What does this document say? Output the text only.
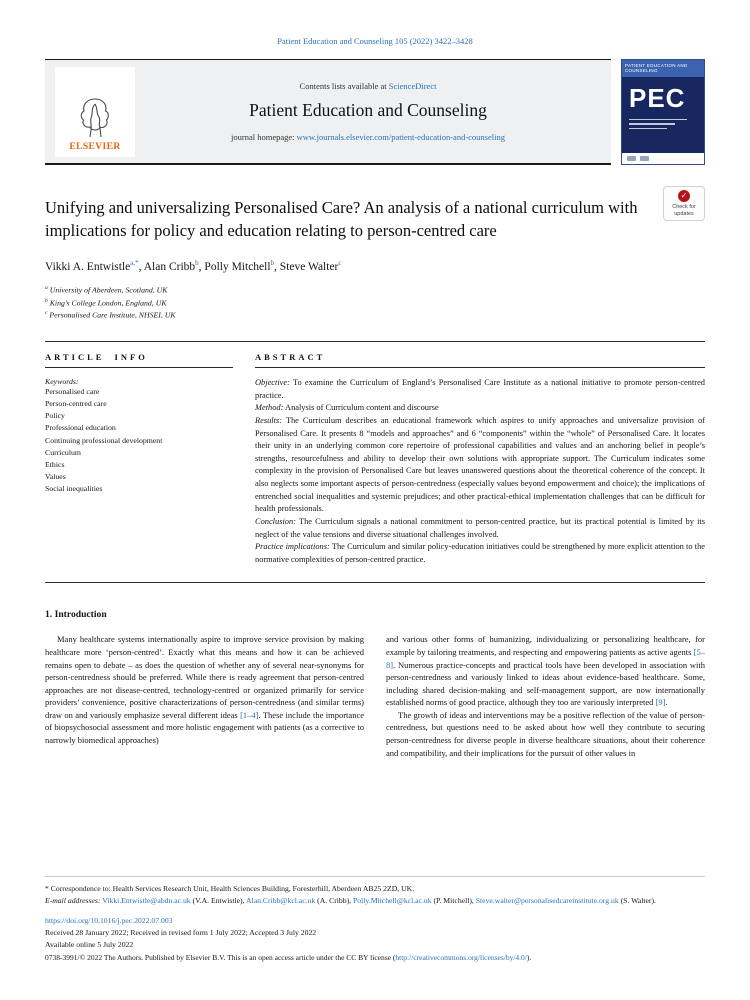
Patient Education and Counseling 105 (2022) 3422–3428
ELSEVIER
Contents lists available at ScienceDirect
Patient Education and Counseling
journal homepage: www.journals.elsevier.com/patient-education-and-counseling
PATIENT EDUCATION AND COUNSELING
PEC
✓
Check for
updates
Unifying and universalizing Personalised Care? An analysis of a national curriculum with implications for policy and education relating to person-centred care
Vikki A. Entwistle$^{a,*}$, Alan Cribb$^b$, Polly Mitchell$^b$, Steve Walter$^c$
$^a$ University of Aberdeen, Scotland, UK
$^b$ King’s College London, England, UK
$^c$ Personalised Care Institute, NHSEI, UK
ARTICLE INFO
Keywords:
Personalised care
Person-centred care
Policy
Professional education
Continuing professional development
Curriculum
Ethics
Values
Social inequalities
ABSTRACT

Objective: To examine the Curriculum of England’s Personalised Care Institute as a national initiative to promote person-centred practice.

Method: Analysis of Curriculum content and discourse

Results: The Curriculum describes an educational framework which aspires to unify approaches and universalize provision of Personalised Care. It presents 8 “models and approaches” and 6 “components” within the “whole” of Personalised Care. It locates their unity in an underlying common core repertoire of professional capabilities and values and an anchoring belief in people’s strengths, resourcefulness and ability to develop their own solutions with appropriate support. The Curriculum indicates some complexity in the provision of Personalised Care but leaves unanswered questions about the theoretical coherence of the concept. It also neglects some important aspects of person-centredness (especially values beyond empowerment and choice); the implications of entrenched social inequalities and systemic prejudices; and other practical-ethical implementation challenges that can be difficult for health professionals.

Conclusion: The Curriculum signals a national commitment to person-centred practice, but its practical potential is limited by its neglect of the value tensions and diverse situational challenges involved.

Practice implications: The Curriculum and similar policy-education initiatives could be strengthened by more explicit attention to the normative complexities of person-centred practice.

1. Introduction

Many healthcare systems internationally aspire to improve service provision by making healthcare more ‘person-centred’. Exactly what this means and how it can be achieved remains open to debate – as does the question of whether any of several near-synonyms for person-centredness should be preferred. While there is ready agreement that person-centred approaches are not disease-centred, technology-centred or organized primarily for service providers’ convenience, positive characterizations of person-centredness (and similar terms) draw on and variously emphasize several different ideas [1–4]. These include the importance of biopsychosocial assessment and more holistic engagement with patients (as a corrective to narrowly biomedical approaches)

and various other forms of humanizing, individualizing or personalizing healthcare, for example by tailoring treatments, and respecting and empowering patients as active agents [5–8]. Numerous practice-concepts and practical tools have been developed in association with person-centredness and variously linked to ideas about evidence-based healthcare. Some, including shared decision-making and self-management support, are now internationally established norms of good practice, although they too are variously interpreted [9].

The growth of ideas and interventions may be a positive reflection of the value of person-centredness, but questions need to be asked about how well they contribute to securing person-centredness for diverse people in diverse healthcare situations, about their coherence and compatibility, and their implications for the pursuit of other values in

* Correspondence to: Health Services Research Unit, Health Sciences Building, Foresterhill, Aberdeen AB25 2ZD, UK.

E-mail addresses: Vikki.Entwistle@abdn.ac.uk (V.A. Entwistle), Alan.Cribb@kcl.ac.uk (A. Cribb), Polly.Mitchell@kcl.ac.uk (P. Mitchell), Steve.walter@personalisedcareinstitute.org.uk (S. Walter).

https://doi.org/10.1016/j.pec.2022.07.003

Received 28 January 2022; Received in revised form 1 July 2022; Accepted 3 July 2022

Available online 5 July 2022

0738-3991/© 2022 The Authors. Published by Elsevier B.V. This is an open access article under the CC BY license (http://creativecommons.org/licenses/by/4.0/).
